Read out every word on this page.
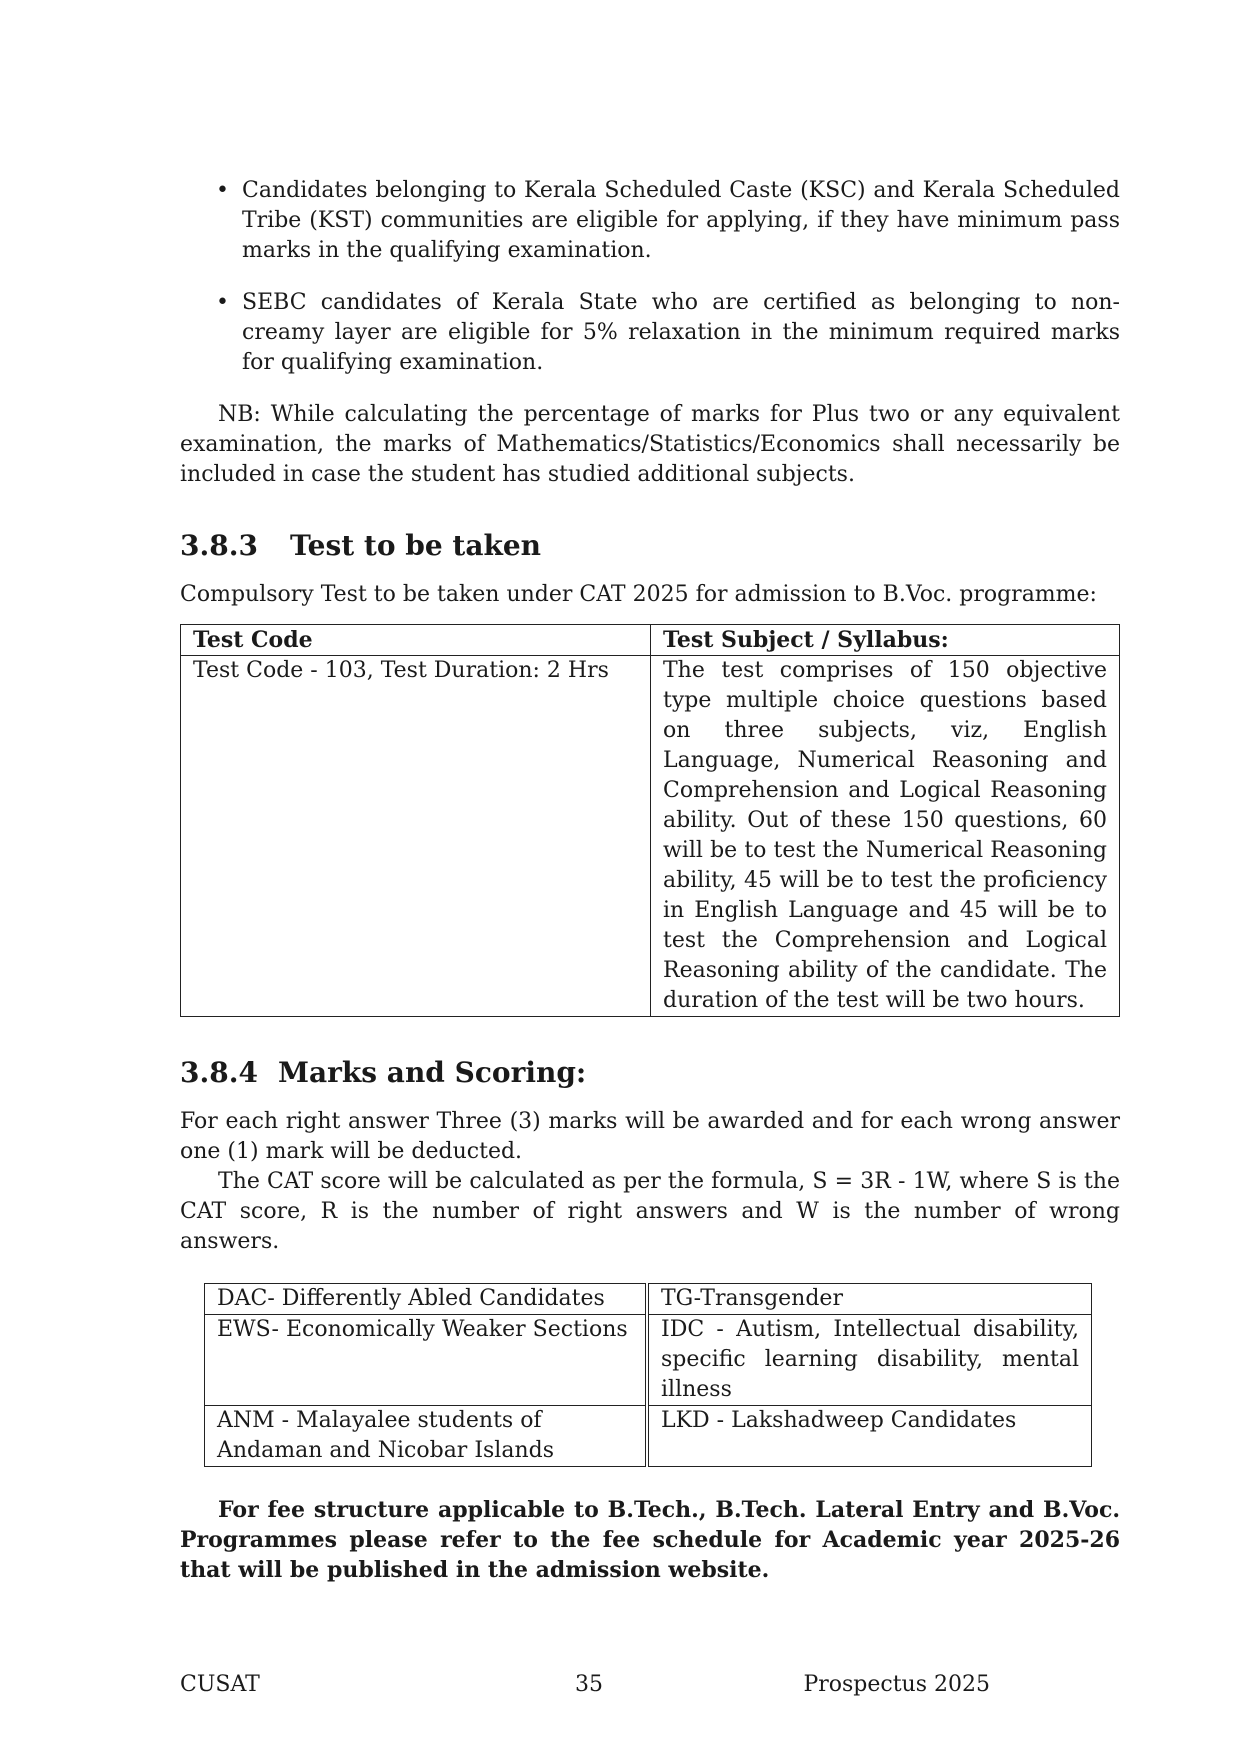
• Candidates belonging to Kerala Scheduled Caste (KSC) and Kerala Scheduled Tribe (KST) communities are eligible for applying, if they have minimum pass marks in the qualifying examination.
• SEBC candidates of Kerala State who are certified as belonging to non-creamy layer are eligible for 5% relaxation in the minimum required marks for qualifying examination.

NB: While calculating the percentage of marks for Plus two or any equivalent examination, the marks of Mathematics/Statistics/Economics shall necessarily be included in case the student has studied additional subjects.

3.8.3 Test to be taken

Compulsory Test to be taken under CAT 2025 for admission to B.Voc. programme:

Test Code	Test Subject / Syllabus:
Test Code - 103, Test Duration: 2 Hrs	The test comprises of 150 objective type multiple choice questions based on three subjects, viz, English Language, Numerical Reasoning and Comprehension and Logical Reasoning ability. Out of these 150 questions, 60 will be to test the Numerical Reasoning ability, 45 will be to test the proficiency in English Language and 45 will be to test the Comprehension and Logical Reasoning ability of the candidate. The duration of the test will be two hours.
3.8.4 Marks and Scoring:

For each right answer Three (3) marks will be awarded and for each wrong answer one (1) mark will be deducted.

The CAT score will be calculated as per the formula, S = 3R - 1W, where S is the CAT score, R is the number of right answers and W is the number of wrong answers.

DAC- Differently Abled Candidates	TG-Transgender
EWS- Economically Weaker Sections	IDC - Autism, Intellectual disability, specific learning disability, mental illness
ANM - Malayalee students of Andaman and Nicobar Islands	LKD - Lakshadweep Candidates

For fee structure applicable to B.Tech., B.Tech. Lateral Entry and B.Voc. Programmes please refer to the fee schedule for Academic year 2025-26 that will be published in the admission website.

CUSAT	35	Prospectus 2025
